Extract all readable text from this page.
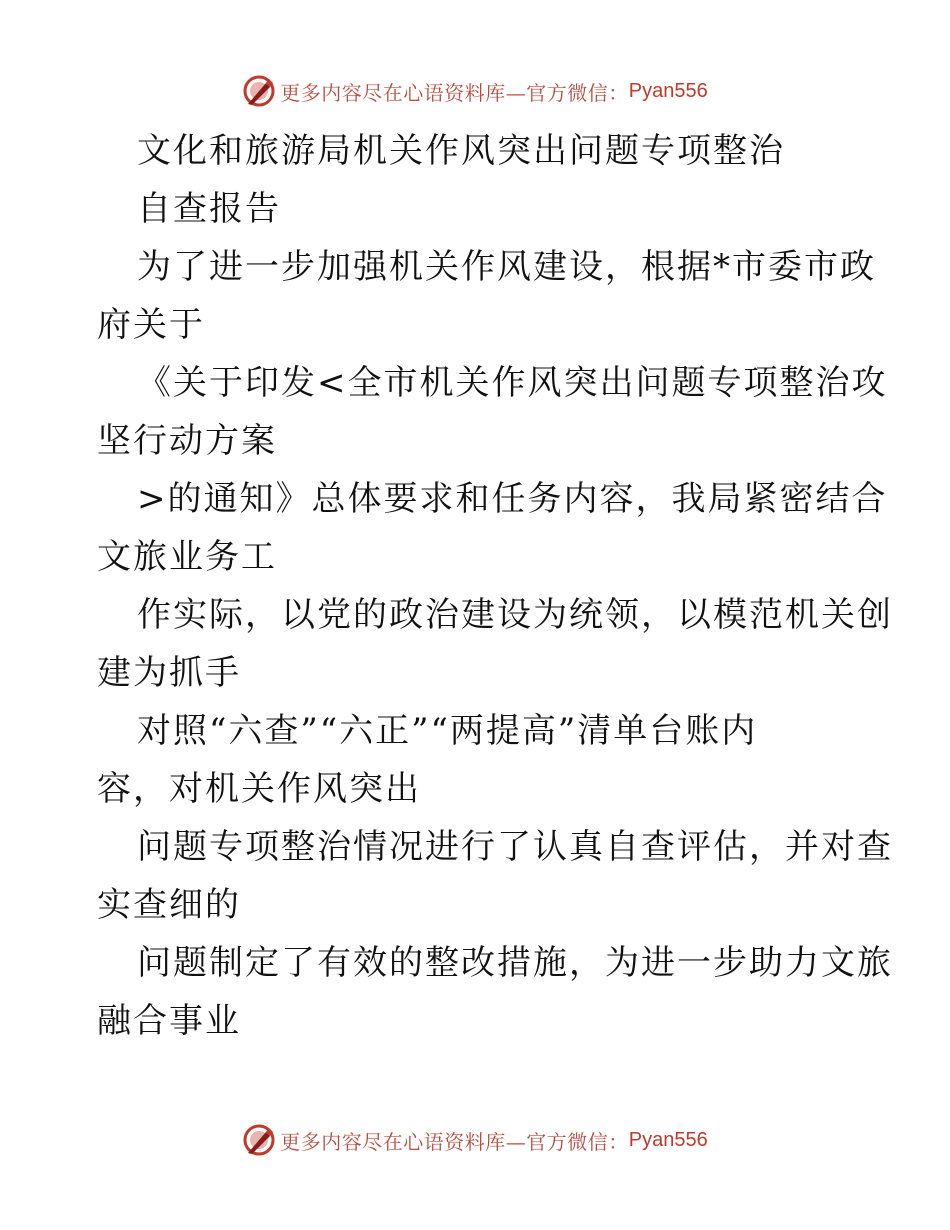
更多内容尽在心语资料库—官方微信： Pyan556
文化和旅游局机关作风突出问题专项整治
自查报告
为了进一步加强机关作风建设，根据*市委市政
府关于
《关于印发<全市机关作风突出问题专项整治攻
坚行动方案
>的通知》总体要求和任务内容，我局紧密结合
文旅业务工
作实际，以党的政治建设为统领，以模范机关创
建为抓手
对照“六查”“六正”“两提高”清单台账内
容，对机关作风突出
问题专项整治情况进行了认真自查评估，并对查
实查细的
问题制定了有效的整改措施，为进一步助力文旅
融合事业
更多内容尽在心语资料库—官方微信： Pyan556
